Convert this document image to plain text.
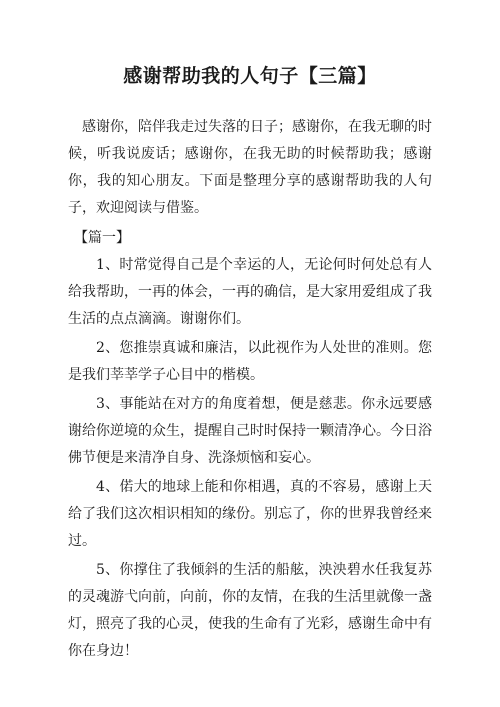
感谢帮助我的人句子【三篇】

感谢你，陪伴我走过失落的日子；感谢你，在我无聊的时候，听我说废话；感谢你，在我无助的时候帮助我；感谢你，我的知心朋友。下面是整理分享的感谢帮助我的人句子，欢迎阅读与借鉴。

【篇一】

1、时常觉得自己是个幸运的人，无论何时何处总有人给我帮助，一再的体会，一再的确信，是大家用爱组成了我生活的点点滴滴。谢谢你们。

2、您推崇真诚和廉洁，以此视作为人处世的准则。您是我们莘莘学子心目中的楷模。

3、事能站在对方的角度着想，便是慈悲。你永远要感谢给你逆境的众生，提醒自己时时保持一颗清净心。今日浴佛节便是来清净自身、洗涤烦恼和妄心。

4、偌大的地球上能和你相遇，真的不容易，感谢上天给了我们这次相识相知的缘份。别忘了，你的世界我曾经来过。

5、你撑住了我倾斜的生活的船舷，泱泱碧水任我复苏的灵魂游弋向前，向前，你的友情，在我的生活里就像一盏灯，照亮了我的心灵，使我的生命有了光彩，感谢生命中有你在身边！
